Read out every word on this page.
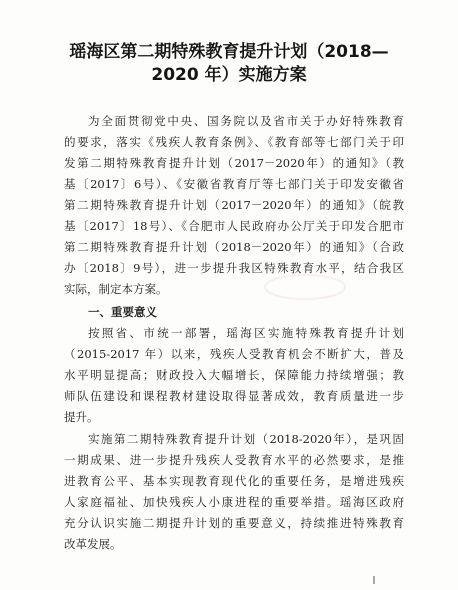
瑶海区第二期特殊教育提升计划（2018—
2020 年）实施方案
为全面贯彻党中央、国务院以及省市关于办好特殊教育
的要求，落实《残疾人教育条例》、《教育部等七部门关于印
发第二期特殊教育提升计划（2017－2020年）的通知》（教
基〔2017〕6号）、《安徽省教育厅等七部门关于印发安徽省
第二期特殊教育提升计划（2017－2020年）的通知》（皖教
基〔2017〕18号）、《合肥市人民政府办公厅关于印发合肥市
第二期特殊教育提升计划（2018－2020年）的通知》（合政
办〔2018〕9号），进一步提升我区特殊教育水平，结合我区
实际，制定本方案。
一、重要意义
按照省、市统一部署，瑶海区实施特殊教育提升计划
（2015-2017 年）以来，残疾人受教育机会不断扩大，普及
水平明显提高；财政投入大幅增长，保障能力持续增强；教
师队伍建设和课程教材建设取得显著成效，教育质量进一步
提升。
实施第二期特殊教育提升计划（2018-2020年），是巩固
一期成果、进一步提升残疾人受教育水平的必然要求，是推
进教育公平、基本实现教育现代化的重要任务，是增进残疾
人家庭福祉、加快残疾人小康进程的重要举措。瑶海区政府
充分认识实施二期提升计划的重要意义，持续推进特殊教育
改革发展。
